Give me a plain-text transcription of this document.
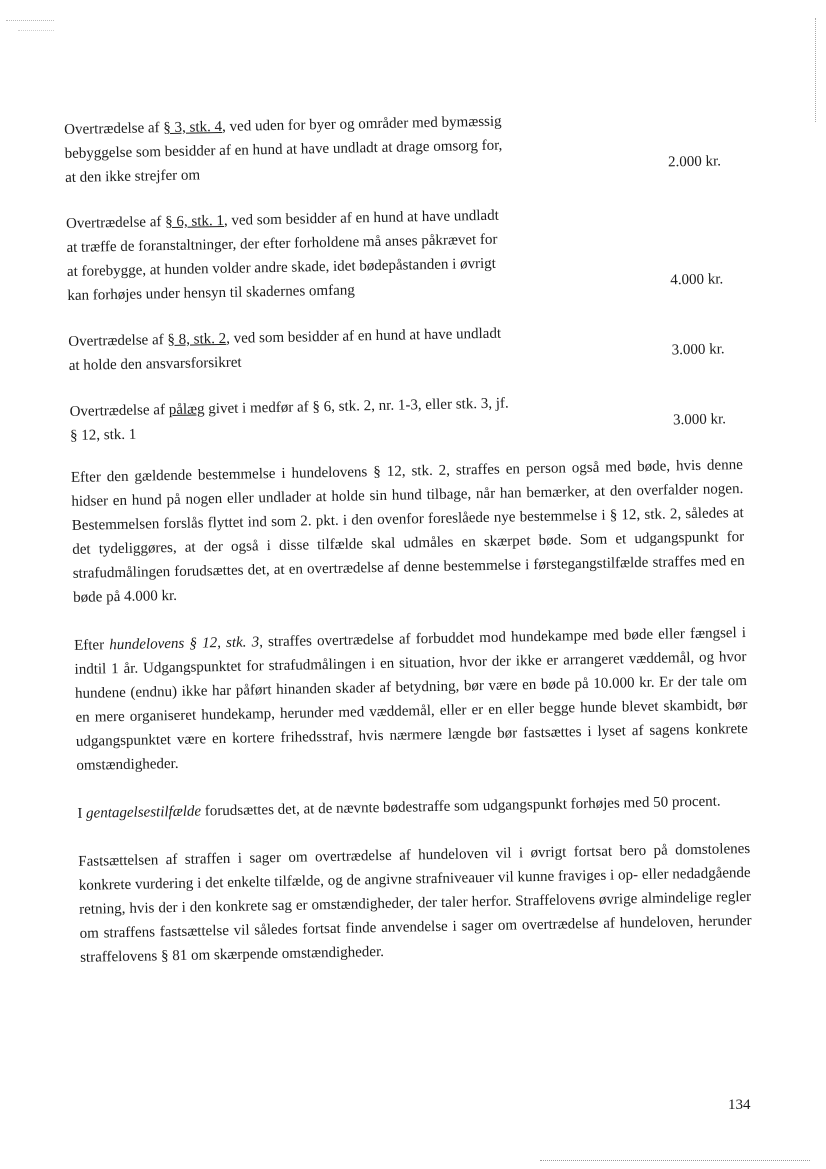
Overtrædelse af § 3, stk. 4, ved uden for byer og områder med bymæssig bebyggelse som besidder af en hund at have undladt at drage omsorg for, at den ikke strejfer om
2.000 kr.
Overtrædelse af § 6, stk. 1, ved som besidder af en hund at have undladt at træffe de foranstaltninger, der efter forholdene må anses påkrævet for at forebygge, at hunden volder andre skade, idet bødepåstanden i øvrigt kan forhøjes under hensyn til skadernes omfang
4.000 kr.
Overtrædelse af § 8, stk. 2, ved som besidder af en hund at have undladt at holde den ansvarsforsikret
3.000 kr.
Overtrædelse af pålæg givet i medfør af § 6, stk. 2, nr. 1-3, eller stk. 3, jf. § 12, stk. 1
3.000 kr.

Efter den gældende bestemmelse i hundelovens § 12, stk. 2, straffes en person også med bøde, hvis denne hidser en hund på nogen eller undlader at holde sin hund tilbage, når han bemærker, at den overfalder nogen. Bestemmelsen forslås flyttet ind som 2. pkt. i den ovenfor foreslåede nye bestemmelse i § 12, stk. 2, således at det tydeliggøres, at der også i disse tilfælde skal udmåles en skærpet bøde. Som et udgangspunkt for strafudmålingen forudsættes det, at en overtrædelse af denne bestemmelse i førstegangstilfælde straffes med en bøde på 4.000 kr.

Efter hundelovens § 12, stk. 3, straffes overtrædelse af forbuddet mod hundekampe med bøde eller fængsel i indtil 1 år. Udgangspunktet for strafudmålingen i en situation, hvor der ikke er arrangeret væddemål, og hvor hundene (endnu) ikke har påført hinanden skader af betydning, bør være en bøde på 10.000 kr. Er der tale om en mere organiseret hundekamp, herunder med væddemål, eller er en eller begge hunde blevet skambidt, bør udgangspunktet være en kortere frihedsstraf, hvis nærmere længde bør fastsættes i lyset af sagens konkrete omstændigheder.

I gentagelsestilfælde forudsættes det, at de nævnte bødestraffe som udgangspunkt forhøjes med 50 procent.

Fastsættelsen af straffen i sager om overtrædelse af hundeloven vil i øvrigt fortsat bero på domstolenes konkrete vurdering i det enkelte tilfælde, og de angivne strafniveauer vil kunne fraviges i op- eller nedadgående retning, hvis der i den konkrete sag er omstændigheder, der taler herfor. Straffelovens øvrige almindelige regler om straffens fastsættelse vil således fortsat finde anvendelse i sager om overtrædelse af hundeloven, herunder straffelovens § 81 om skærpende omstændigheder.

134
